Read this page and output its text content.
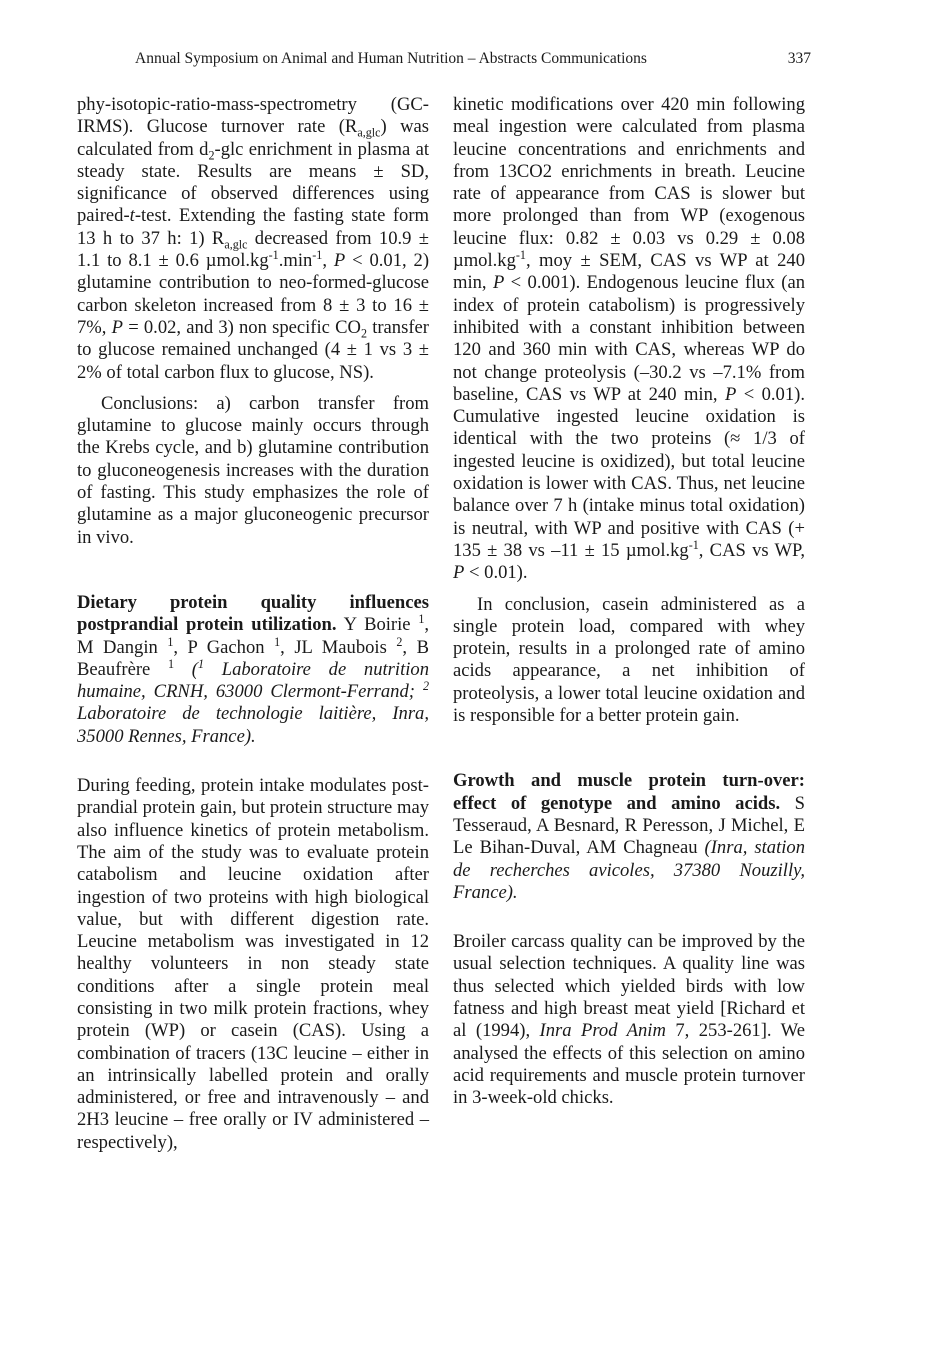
Annual Symposium on Animal and Human Nutrition – Abstracts Communications	337

phy-isotopic-ratio-mass-spectrometry (GC-IRMS). Glucose turnover rate $(R_{a,glc})$ was calculated from $d_2$-glc enrichment in plasma at steady state. Results are means ± SD, significance of observed differences using paired-t-test. Extending the fasting state form 13 h to 37 h: 1) $R_{a,glc}$ decreased from 10.9 ± 1.1 to 8.1 ± 0.6 $\mu mol.kg^{-1}.\min^{-1}$, P < 0.01, 2) glutamine contribution to neo-formed-glucose carbon skeleton increased from 8 ± 3 to 16 ± 7%, P = 0.02, and 3) non specific $CO_2$ transfer to glucose remained unchanged (4 ± 1 vs 3 ± 2% of total carbon flux to glucose, NS).

Conclusions: a) carbon transfer from glutamine to glucose mainly occurs through the Krebs cycle, and b) glutamine contribution to gluconeogenesis increases with the duration of fasting. This study emphasizes the role of glutamine as a major gluconeogenic precursor in vivo.

Dietary protein quality influences postprandial protein utilization. Y Boirie $^1$, M Dangin $^1$, P Gachon $^1$, JL Maubois $^2$, B Beaufrère $^1$ ($^1$ Laboratoire de nutrition humaine, CRNH, 63000 Clermont-Ferrand; $^2$ Laboratoire de technologie laitière, Inra, 35000 Rennes, France).

During feeding, protein intake modulates post-prandial protein gain, but protein structure may also influence kinetics of protein metabolism. The aim of the study was to evaluate protein catabolism and leucine oxidation after ingestion of two proteins with high biological value, but with different digestion rate. Leucine metabolism was investigated in 12 healthy volunteers in non steady state conditions after a single protein meal consisting in two milk protein fractions, whey protein (WP) or casein (CAS). Using a combination of tracers (13C leucine – either in an intrinsically labelled protein and orally administered, or free and intravenously – and 2H3 leucine – free orally or IV administered – respectively),

kinetic modifications over 420 min following meal ingestion were calculated from plasma leucine concentrations and enrichments and from 13CO2 enrichments in breath. Leucine rate of appearance from CAS is slower but more prolonged than from WP (exogenous leucine flux: 0.82 ± 0.03 vs 0.29 ± 0.08 $\mu mol.kg^{-1}$, moy ± SEM, CAS vs WP at 240 min, P < 0.001). Endogenous leucine flux (an index of protein catabolism) is progressively inhibited with a constant inhibition between 120 and 360 min with CAS, whereas WP do not change proteolysis (–30.2 vs –7.1% from baseline, CAS vs WP at 240 min, P < 0.01). Cumulative ingested leucine oxidation is identical with the two proteins (≈ 1/3 of ingested leucine is oxidized), but total leucine oxidation is lower with CAS. Thus, net leucine balance over 7 h (intake minus total oxidation) is neutral, with WP and positive with CAS (+ 135 ± 38 vs –11 ± 15 $\mu mol.kg^{-1}$, CAS vs WP, P < 0.01).

In conclusion, casein administered as a single protein load, compared with whey protein, results in a prolonged rate of amino acids appearance, a net inhibition of proteolysis, a lower total leucine oxidation and is responsible for a better protein gain.

Growth and muscle protein turn-over: effect of genotype and amino acids. S Tesseraud, A Besnard, R Peresson, J Michel, E Le Bihan-Duval, AM Chagneau (Inra, station de recherches avicoles, 37380 Nouzilly, France).

Broiler carcass quality can be improved by the usual selection techniques. A quality line was thus selected which yielded birds with low fatness and high breast meat yield [Richard et al (1994), Inra Prod Anim 7, 253-261]. We analysed the effects of this selection on amino acid requirements and muscle protein turnover in 3-week-old chicks.
